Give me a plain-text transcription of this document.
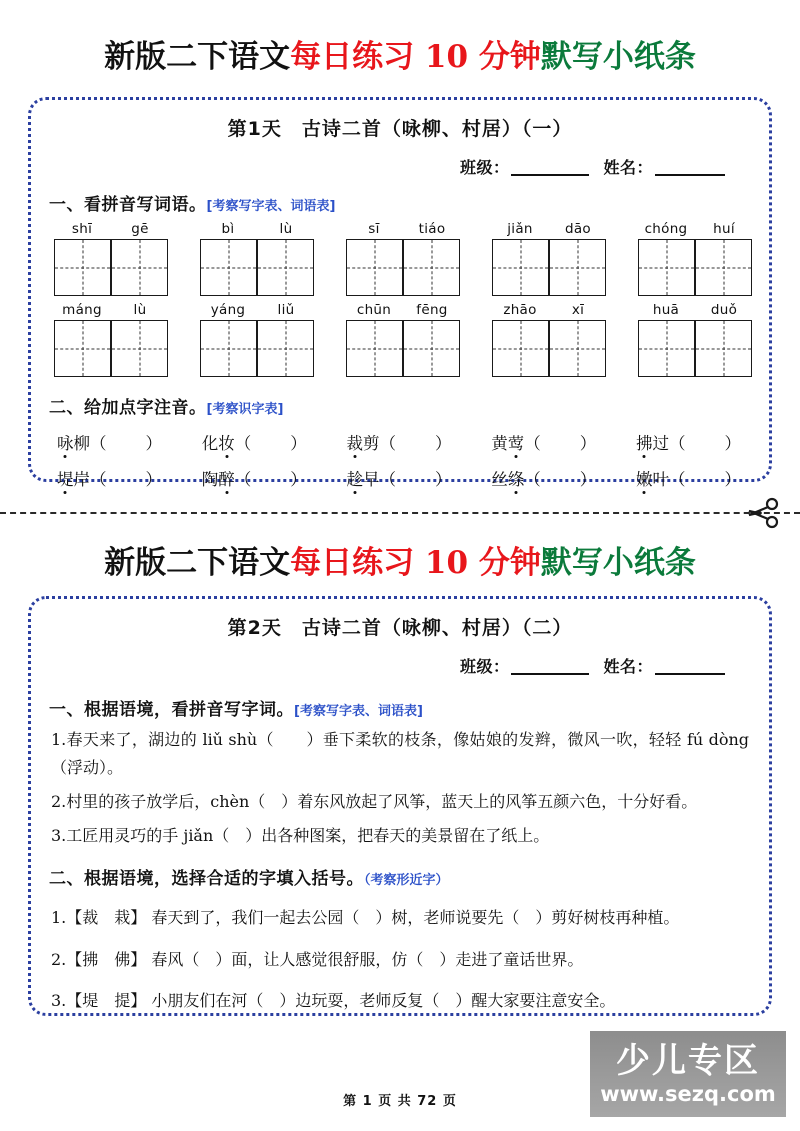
新版二下语文每日练习 10 分钟默写小纸条
第1天　古诗二首（咏柳、村居）（一）
班级：	姓名：
一、看拼音写词语。[考察写字表、词语表]
shī	gē	bì	lù	sī	tiáo	jiǎn	dāo	chóng	huí
máng	lù	yáng	liǔ	chūn	fēng	zhāo	xī	huā	duǒ
二、给加点字注音。[考察识字表]
咏柳（　　） 化妆（　　） 裁剪（　　） 黄莺（　　） 拂过（　　）
堤岸（　　） 陶醉（　　） 趁早（　　） 丝绦（　　） 嫩叶（　　）
新版二下语文每日练习 10 分钟默写小纸条
第2天　古诗二首（咏柳、村居）（二）
班级：	姓名：
一、根据语境，看拼音写字词。[考察写字表、词语表]
1.春天来了，湖边的 liǔ shù（　　）垂下柔软的枝条，像姑娘的发辫，微风一吹，轻轻 fú dòng（浮动）。
2.村里的孩子放学后，chèn（　）着东风放起了风筝，蓝天上的风筝五颜六色，十分好看。
3.工匠用灵巧的手 jiǎn（　）出各种图案，把春天的美景留在了纸上。
二、根据语境，选择合适的字填入括号。（考察形近字）
1.【裁　栽】 春天到了，我们一起去公园（　）树，老师说要先（　）剪好树枝再种植。
2.【拂　佛】 春风（　）面，让人感觉很舒服，仿（　）走进了童话世界。
3.【堤　提】 小朋友们在河（　）边玩耍，老师反复（　）醒大家要注意安全。
第 1 页 共 72 页
少儿专区
www.sezq.com
